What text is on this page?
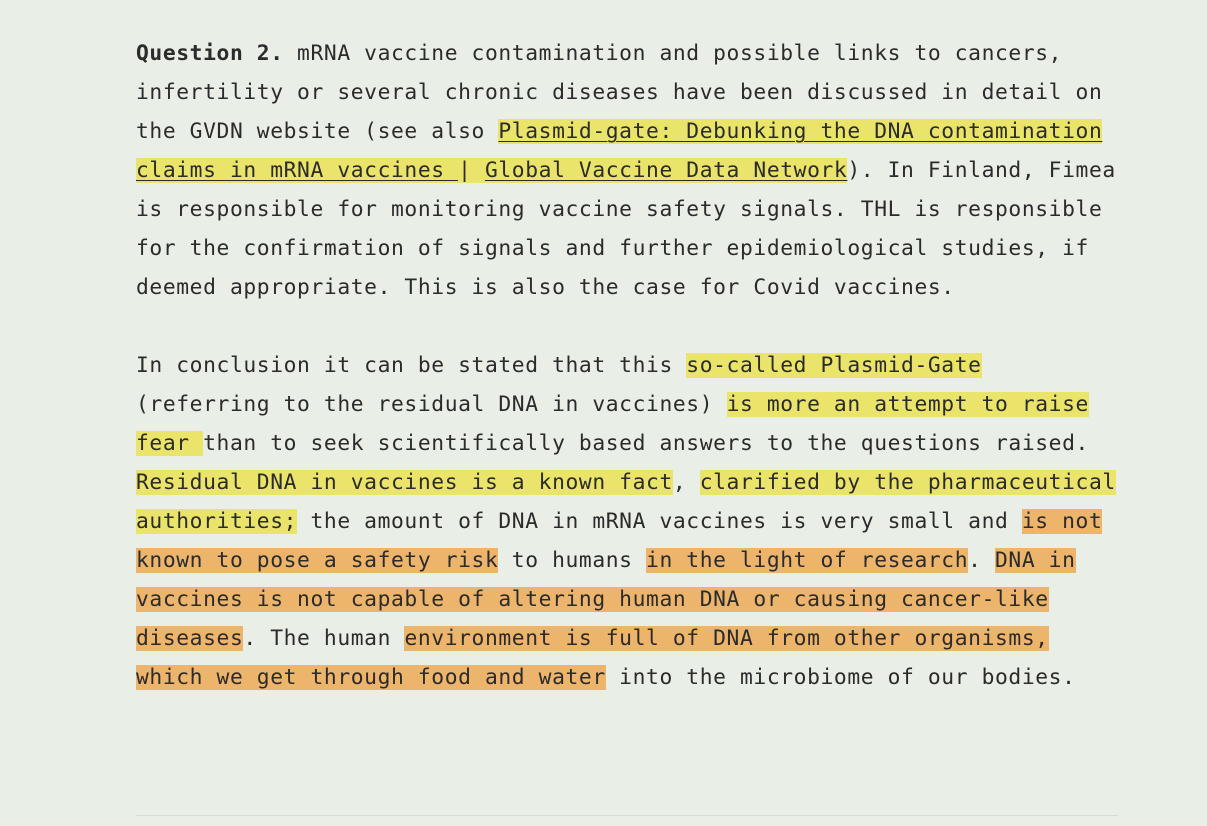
Question 2. mRNA vaccine contamination and possible links to cancers, infertility or several chronic diseases have been discussed in detail on the GVDN website (see also Plasmid-gate: Debunking the DNA contamination claims in mRNA vaccines | Global Vaccine Data Network). In Finland, Fimea is responsible for monitoring vaccine safety signals. THL is responsible for the confirmation of signals and further epidemiological studies, if deemed appropriate. This is also the case for Covid vaccines.

In conclusion it can be stated that this so-called Plasmid-Gate (referring to the residual DNA in vaccines) is more an attempt to raise fear than to seek scientifically based answers to the questions raised. Residual DNA in vaccines is a known fact, clarified by the pharmaceutical authorities; the amount of DNA in mRNA vaccines is very small and is not known to pose a safety risk to humans in the light of research. DNA in vaccines is not capable of altering human DNA or causing cancer-like diseases. The human environment is full of DNA from other organisms, which we get through food and water into the microbiome of our bodies.
